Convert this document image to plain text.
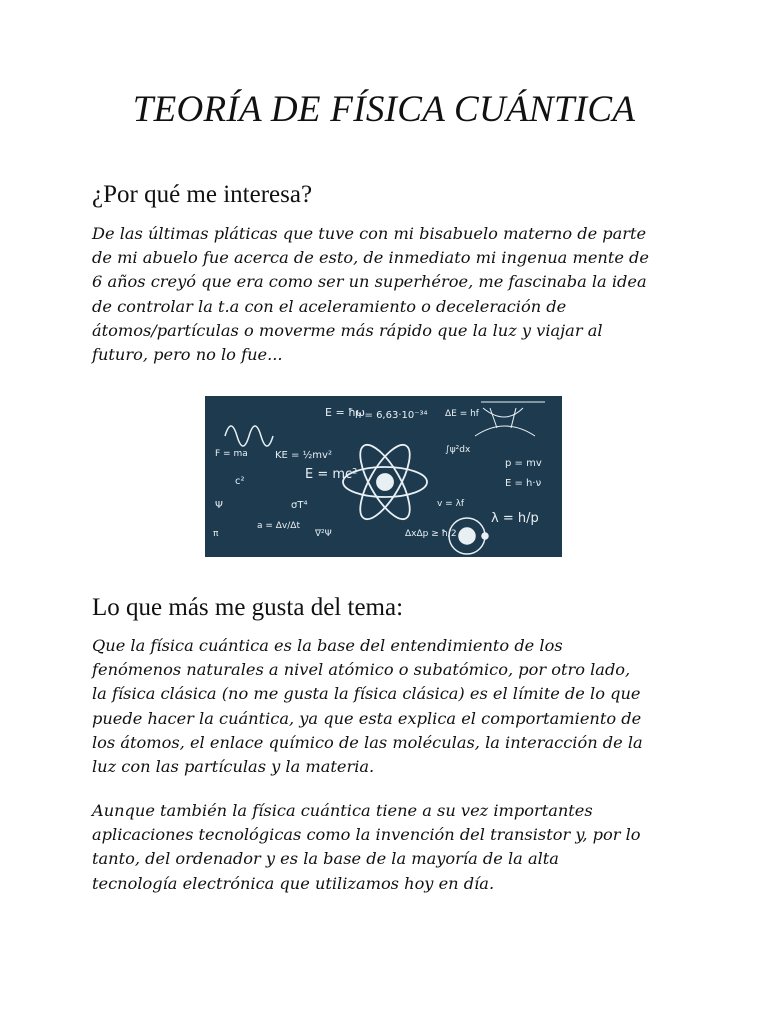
TEORÍA DE FÍSICA CUÁNTICA
¿Por qué me interesa?
De las últimas pláticas que tuve con mi bisabuelo materno de parte
de mi abuelo fue acerca de esto, de inmediato mi ingenua mente de
6 años creyó que era como ser un superhéroe, me fascinaba la idea
de controlar la t.a con el aceleramiento o deceleración de
átomos/partículas o moverme más rápido que la luz y viajar al
futuro, pero no lo fue...
E = mc²
h = 6,63·10⁻³⁴
E = h·ν
λ = h/p
ΔxΔp ≥ ħ/2
Ψ
∫ψ²dx
F = ma
a = Δv/Δt
E = ħω
c²
σT⁴
p = mv
ΔE = hf
∇²Ψ
π
v = λf
KE = ½mv²
Lo que más me gusta del tema:
Que la física cuántica es la base del entendimiento de los
fenómenos naturales a nivel atómico o subatómico, por otro lado,
la física clásica (no me gusta la física clásica) es el límite de lo que
puede hacer la cuántica, ya que esta explica el comportamiento de
los átomos, el enlace químico de las moléculas, la interacción de la
luz con las partículas y la materia.
Aunque también la física cuántica tiene a su vez importantes
aplicaciones tecnológicas como la invención del transistor y, por lo
tanto, del ordenador y es la base de la mayoría de la alta
tecnología electrónica que utilizamos hoy en día.
